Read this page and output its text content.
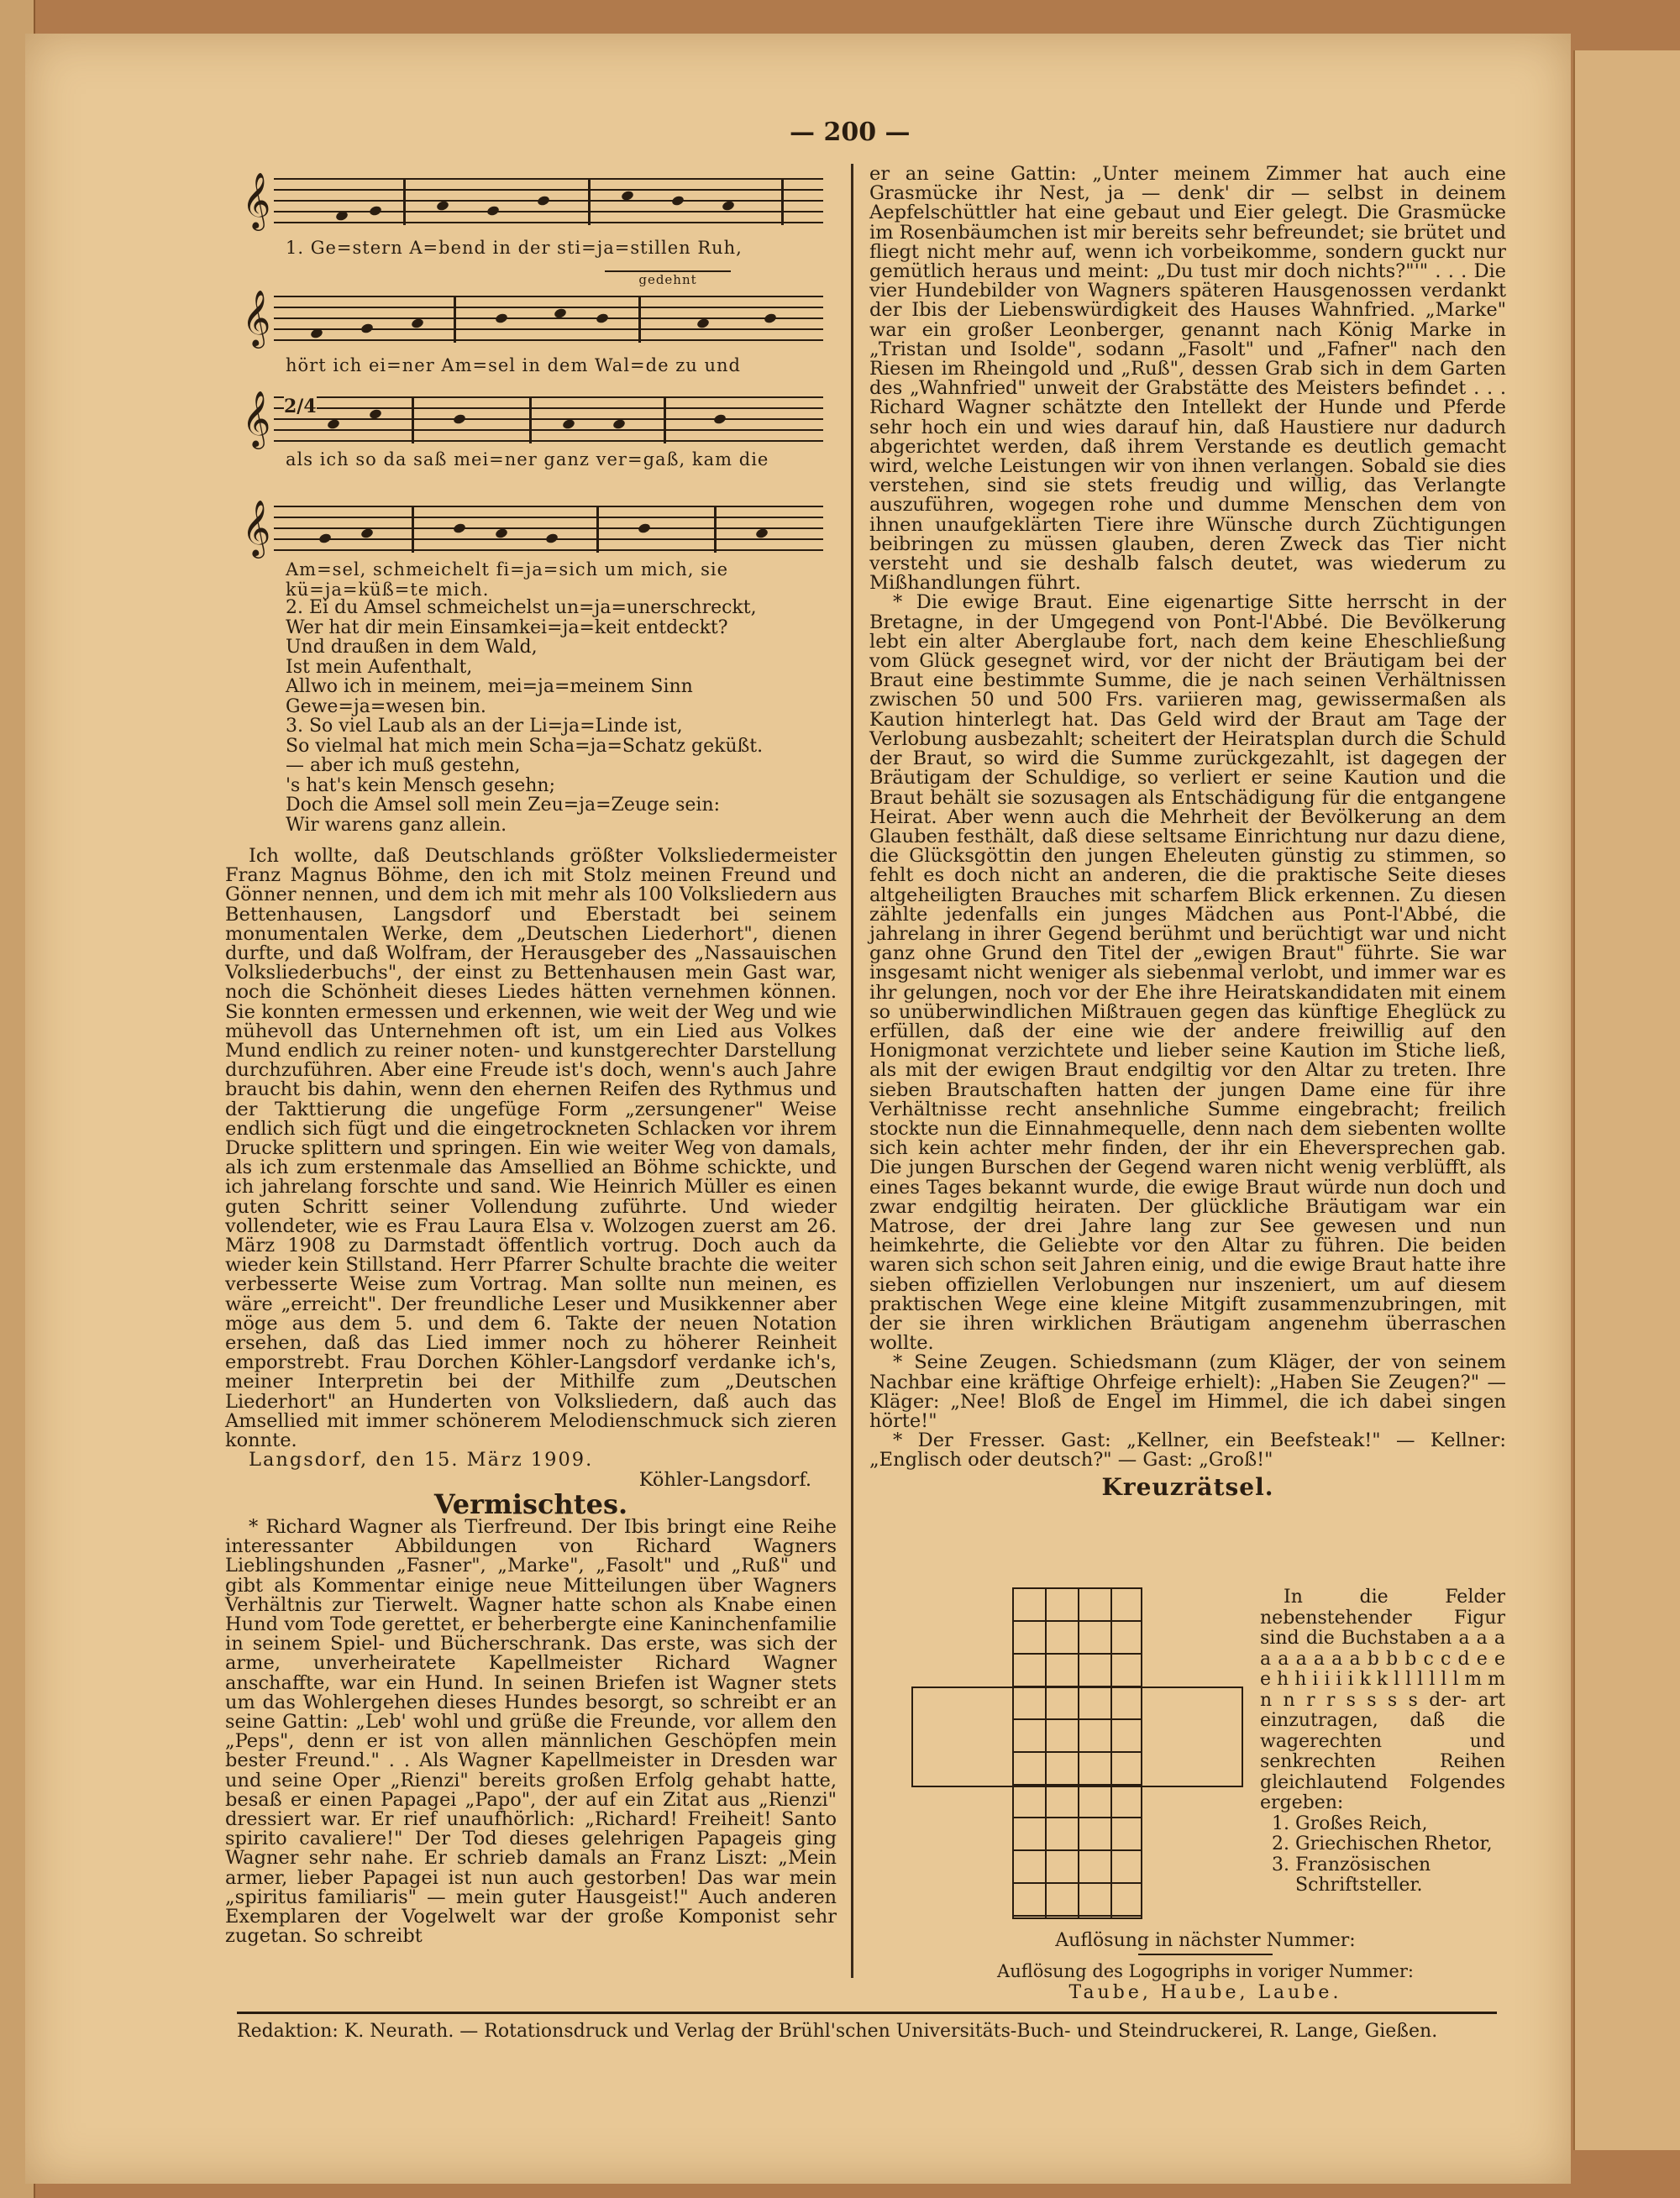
— 200 —
𝄞
1. Ge=stern A=bend in der sti=ja=stillen Ruh,
gedehnt
𝄞
hört ich ei=ner Am=sel in dem Wal=de zu und
𝄞 2/4
als ich so da saß mei=ner ganz ver=gaß, kam die
𝄞
Am=sel, schmeichelt fi=ja=sich um mich, sie kü=ja=küß=te mich.
2. Ei du Amsel schmeichelst un=ja=unerschreckt,
Wer hat dir mein Einsamkei=ja=keit entdeckt?
Und draußen in dem Wald,
Ist mein Aufenthalt,
Allwo ich in meinem, mei=ja=meinem Sinn
Gewe=ja=wesen bin.
3. So viel Laub als an der Li=ja=Linde ist,
So vielmal hat mich mein Scha=ja=Schatz geküßt.
— aber ich muß gestehn,
's hat's kein Mensch gesehn;
Doch die Amsel soll mein Zeu=ja=Zeuge sein:
Wir warens ganz allein.

Ich wollte, daß Deutschlands größter Volksliedermeister Franz Magnus Böhme, den ich mit Stolz meinen Freund und Gönner nennen, und dem ich mit mehr als 100 Volksliedern aus Bettenhausen, Langsdorf und Eberstadt bei seinem monumentalen Werke, dem „Deutschen Liederhort", dienen durfte, und daß Wolfram, der Herausgeber des „Nassauischen Volksliederbuchs", der einst zu Bettenhausen mein Gast war, noch die Schönheit dieses Liedes hätten vernehmen können. Sie konnten ermessen und erkennen, wie weit der Weg und wie mühevoll das Unternehmen oft ist, um ein Lied aus Volkes Mund endlich zu reiner noten- und kunstgerechter Darstellung durchzuführen. Aber eine Freude ist's doch, wenn's auch Jahre braucht bis dahin, wenn den ehernen Reifen des Rythmus und der Takttierung die ungefüge Form „zersungener" Weise endlich sich fügt und die eingetrockneten Schlacken vor ihrem Drucke splittern und springen. Ein wie weiter Weg von damals, als ich zum erstenmale das Amsellied an Böhme schickte, und ich jahrelang forschte und sand. Wie Heinrich Müller es einen guten Schritt seiner Vollendung zuführte. Und wieder vollendeter, wie es Frau Laura Elsa v. Wolzogen zuerst am 26. März 1908 zu Darmstadt öffentlich vortrug. Doch auch da wieder kein Stillstand. Herr Pfarrer Schulte brachte die weiter verbesserte Weise zum Vortrag. Man sollte nun meinen, es wäre „erreicht". Der freundliche Leser und Musikkenner aber möge aus dem 5. und dem 6. Takte der neuen Notation ersehen, daß das Lied immer noch zu höherer Reinheit emporstrebt. Frau Dorchen Köhler-Langsdorf verdanke ich's, meiner Interpretin bei der Mithilfe zum „Deutschen Liederhort" an Hunderten von Volksliedern, daß auch das Amsellied mit immer schönerem Melodienschmuck sich zieren konnte.

Langsdorf, den 15. März 1909.

Köhler-Langsdorf.

Vermischtes.

* Richard Wagner als Tierfreund. Der Ibis bringt eine Reihe interessanter Abbildungen von Richard Wagners Lieblingshunden „Fasner", „Marke", „Fasolt" und „Ruß" und gibt als Kommentar einige neue Mitteilungen über Wagners Verhältnis zur Tierwelt. Wagner hatte schon als Knabe einen Hund vom Tode gerettet, er beherbergte eine Kaninchenfamilie in seinem Spiel- und Bücherschrank. Das erste, was sich der arme, unverheiratete Kapellmeister Richard Wagner anschaffte, war ein Hund. In seinen Briefen ist Wagner stets um das Wohlergehen dieses Hundes besorgt, so schreibt er an seine Gattin: „Leb' wohl und grüße die Freunde, vor allem den „Peps", denn er ist von allen männlichen Geschöpfen mein bester Freund." . . Als Wagner Kapellmeister in Dresden war und seine Oper „Rienzi" bereits großen Erfolg gehabt hatte, besaß er einen Papagei „Papo", der auf ein Zitat aus „Rienzi" dressiert war. Er rief unaufhörlich: „Richard! Freiheit! Santo spirito cavaliere!" Der Tod dieses gelehrigen Papageis ging Wagner sehr nahe. Er schrieb damals an Franz Liszt: „Mein armer, lieber Papagei ist nun auch gestorben! Das war mein „spiritus familiaris" — mein guter Hausgeist!" Auch anderen Exemplaren der Vogelwelt war der große Komponist sehr zugetan. So schreibt

er an seine Gattin: „Unter meinem Zimmer hat auch eine Grasmücke ihr Nest, ja — denk' dir — selbst in deinem Aepfelschüttler hat eine gebaut und Eier gelegt. Die Grasmücke im Rosenbäumchen ist mir bereits sehr befreundet; sie brütet und fliegt nicht mehr auf, wenn ich vorbeikomme, sondern guckt nur gemütlich heraus und meint: „Du tust mir doch nichts?"'" . . . Die vier Hundebilder von Wagners späteren Hausgenossen verdankt der Ibis der Liebenswürdigkeit des Hauses Wahnfried. „Marke" war ein großer Leonberger, genannt nach König Marke in „Tristan und Isolde", sodann „Fasolt" und „Fafner" nach den Riesen im Rheingold und „Ruß", dessen Grab sich in dem Garten des „Wahnfried" unweit der Grabstätte des Meisters befindet . . . Richard Wagner schätzte den Intellekt der Hunde und Pferde sehr hoch ein und wies darauf hin, daß Haustiere nur dadurch abgerichtet werden, daß ihrem Verstande es deutlich gemacht wird, welche Leistungen wir von ihnen verlangen. Sobald sie dies verstehen, sind sie stets freudig und willig, das Verlangte auszuführen, wogegen rohe und dumme Menschen dem von ihnen unaufgeklärten Tiere ihre Wünsche durch Züchtigungen beibringen zu müssen glauben, deren Zweck das Tier nicht versteht und sie deshalb falsch deutet, was wiederum zu Mißhandlungen führt.

* Die ewige Braut. Eine eigenartige Sitte herrscht in der Bretagne, in der Umgegend von Pont-l'Abbé. Die Bevölkerung lebt ein alter Aberglaube fort, nach dem keine Eheschließung vom Glück gesegnet wird, vor der nicht der Bräutigam bei der Braut eine bestimmte Summe, die je nach seinen Verhältnissen zwischen 50 und 500 Frs. variieren mag, gewissermaßen als Kaution hinterlegt hat. Das Geld wird der Braut am Tage der Verlobung ausbezahlt; scheitert der Heiratsplan durch die Schuld der Braut, so wird die Summe zurückgezahlt, ist dagegen der Bräutigam der Schuldige, so verliert er seine Kaution und die Braut behält sie sozusagen als Entschädigung für die entgangene Heirat. Aber wenn auch die Mehrheit der Bevölkerung an dem Glauben festhält, daß diese seltsame Einrichtung nur dazu diene, die Glücksgöttin den jungen Eheleuten günstig zu stimmen, so fehlt es doch nicht an anderen, die die praktische Seite dieses altgeheiligten Brauches mit scharfem Blick erkennen. Zu diesen zählte jedenfalls ein junges Mädchen aus Pont-l'Abbé, die jahrelang in ihrer Gegend berühmt und berüchtigt war und nicht ganz ohne Grund den Titel der „ewigen Braut" führte. Sie war insgesamt nicht weniger als siebenmal verlobt, und immer war es ihr gelungen, noch vor der Ehe ihre Heiratskandidaten mit einem so unüberwindlichen Mißtrauen gegen das künftige Eheglück zu erfüllen, daß der eine wie der andere freiwillig auf den Honigmonat verzichtete und lieber seine Kaution im Stiche ließ, als mit der ewigen Braut endgiltig vor den Altar zu treten. Ihre sieben Brautschaften hatten der jungen Dame eine für ihre Verhältnisse recht ansehnliche Summe eingebracht; freilich stockte nun die Einnahmequelle, denn nach dem siebenten wollte sich kein achter mehr finden, der ihr ein Eheversprechen gab. Die jungen Burschen der Gegend waren nicht wenig verblüfft, als eines Tages bekannt wurde, die ewige Braut würde nun doch und zwar endgiltig heiraten. Der glückliche Bräutigam war ein Matrose, der drei Jahre lang zur See gewesen und nun heimkehrte, die Geliebte vor den Altar zu führen. Die beiden waren sich schon seit Jahren einig, und die ewige Braut hatte ihre sieben offiziellen Verlobungen nur inszeniert, um auf diesem praktischen Wege eine kleine Mitgift zusammenzubringen, mit der sie ihren wirklichen Bräutigam angenehm überraschen wollte.

* Seine Zeugen. Schiedsmann (zum Kläger, der von seinem Nachbar eine kräftige Ohrfeige erhielt): „Haben Sie Zeugen?" — Kläger: „Nee! Bloß de Engel im Himmel, die ich dabei singen hörte!"

* Der Fresser. Gast: „Kellner, ein Beefsteak!" — Kellner: „Englisch oder deutsch?" — Gast: „Groß!"

Kreuzrätsel.
In die Felder nebenstehender Figur sind die Buchstaben a a a a a a a a a b b b c c d e e e h h i i i i k k l l l l l l m m n n r r s s s s der- art einzutragen, daß die wagerechten und senkrechten Reihen gleichlautend Folgendes ergeben:
1. Großes Reich,
2. Griechischen Rhetor,
3. Französischen Schriftsteller.
Auflösung in nächster Nummer:
Auflösung des Logogriphs in voriger Nummer:
Redaktion: K. Neurath. — Rotationsdruck und Verlag der Brühl'schen Universitäts-Buch- und Steindruckerei, R. Lange, Gießen.
Taube, Haube, Laube.
